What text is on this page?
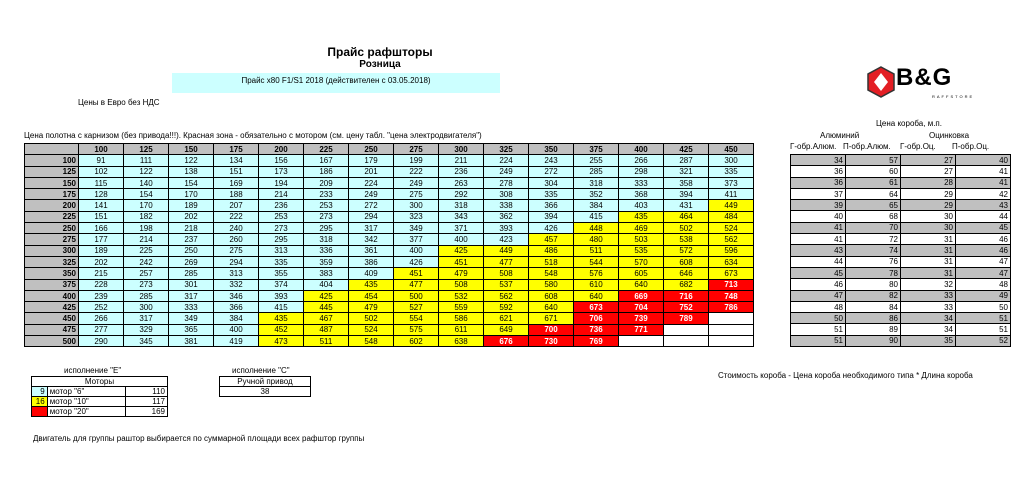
Прайс рафшторы
Розница
Прайс x80 F1/S1 2018 (действителен с 03.05.2018)
Цены в Евро без НДС
B&G
RAFFSTORE
Цена полотна с карнизом (без привода!!!). Красная зона - обязательно с мотором (см. цену табл. "цена электродвигателя")
	100	125	150	175	200	225	250	275	300	325	350	375	400	425	450
100	91	111	122	134	156	167	179	199	211	224	243	255	266	287	300
125	102	122	138	151	173	186	201	222	236	249	272	285	298	321	335
150	115	140	154	169	194	209	224	249	263	278	304	318	333	358	373
175	128	154	170	188	214	233	249	275	292	308	335	352	368	394	411
200	141	170	189	207	236	253	272	300	318	338	366	384	403	431	449
225	151	182	202	222	253	273	294	323	343	362	394	415	435	464	484
250	166	198	218	240	273	295	317	349	371	393	426	448	469	502	524
275	177	214	237	260	295	318	342	377	400	423	457	480	503	538	562
300	189	225	250	275	313	336	361	400	425	449	486	511	535	572	596
325	202	242	269	294	335	359	386	426	451	477	518	544	570	608	634
350	215	257	285	313	355	383	409	451	479	508	548	576	605	646	673
375	228	273	301	332	374	404	435	477	508	537	580	610	640	682	713
400	239	285	317	346	393	425	454	500	532	562	608	640	669	716	748
425	252	300	333	366	415	445	479	527	559	592	640	673	704	752	786
450	266	317	349	384	435	467	502	554	586	621	671	706	739	789	
475	277	329	365	400	452	487	524	575	611	649	700	736	771		
500	290	345	381	419	473	511	548	602	638	676	730	769			
Цена короба, м.п.
Алюминий	Оцинковка
Г-обр.Алюм. П-обр.Алюм. Г-обр.Оц. П-обр.Оц.
34	57	27	40
36	60	27	41
36	61	28	41
37	64	29	42
39	65	29	43
40	68	30	44
41	70	30	45
41	72	31	46
43	74	31	46
44	76	31	47
45	78	31	47
46	80	32	48
47	82	33	49
48	84	33	50
50	86	34	51
51	89	34	51
51	90	35	52
Стоимость короба - Цена короба необходимого типа * Длина короба
исполнение "Е"
Моторы		
9	мотор "6"	110
16	мотор "10"	117
20	мотор "20"	169
исполнение "С"
Ручной привод
38
Двигатель для группы раштор выбирается по суммарной площади всех рафштор группы
